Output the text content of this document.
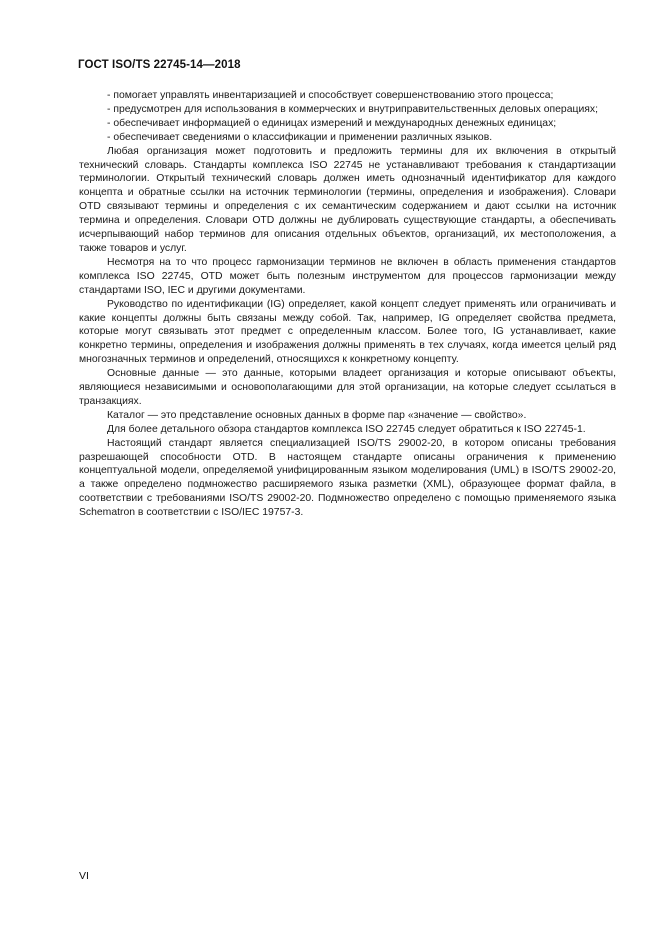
ГОСТ ISO/TS 22745-14—2018

- помогает управлять инвентаризацией и способствует совершенствованию этого процесса;

- предусмотрен для использования в коммерческих и внутриправительственных деловых операциях;

- обеспечивает информацией о единицах измерений и международных денежных единицах;

- обеспечивает сведениями о классификации и применении различных языков.

Любая организация может подготовить и предложить термины для их включения в открытый технический словарь. Стандарты комплекса ISO 22745 не устанавливают требования к стандартизации терминологии. Открытый технический словарь должен иметь однозначный идентификатор для каждого концепта и обратные ссылки на источник терминологии (термины, определения и изображения). Словари OTD связывают термины и определения с их семантическим содержанием и дают ссылки на источник термина и определения. Словари OTD должны не дублировать существующие стандарты, а обеспечивать исчерпывающий набор терминов для описания отдельных объектов, организаций, их местоположения, а также товаров и услуг.

Несмотря на то что процесс гармонизации терминов не включен в область применения стандартов комплекса ISO 22745, OTD может быть полезным инструментом для процессов гармонизации между стандартами ISO, IEC и другими документами.

Руководство по идентификации (IG) определяет, какой концепт следует применять или ограничивать и какие концепты должны быть связаны между собой. Так, например, IG определяет свойства предмета, которые могут связывать этот предмет с определенным классом. Более того, IG устанавливает, какие конкретно термины, определения и изображения должны применять в тех случаях, когда имеется целый ряд многозначных терминов и определений, относящихся к конкретному концепту.

Основные данные — это данные, которыми владеет организация и которые описывают объекты, являющиеся независимыми и основополагающими для этой организации, на которые следует ссылаться в транзакциях.

Каталог — это представление основных данных в форме пар «значение — свойство».

Для более детального обзора стандартов комплекса ISO 22745 следует обратиться к ISO 22745-1.

Настоящий стандарт является специализацией ISO/TS 29002-20, в котором описаны требования разрешающей способности OTD. В настоящем стандарте описаны ограничения к применению концептуальной модели, определяемой унифицированным языком моделирования (UML) в ISO/TS 29002-20, а также определено подмножество расширяемого языка разметки (XML), образующее формат файла, в соответствии с требованиями ISO/TS 29002-20. Подмножество определено с помощью применяемого языка Schematron в соответствии с ISO/IEC 19757-3.

VI
